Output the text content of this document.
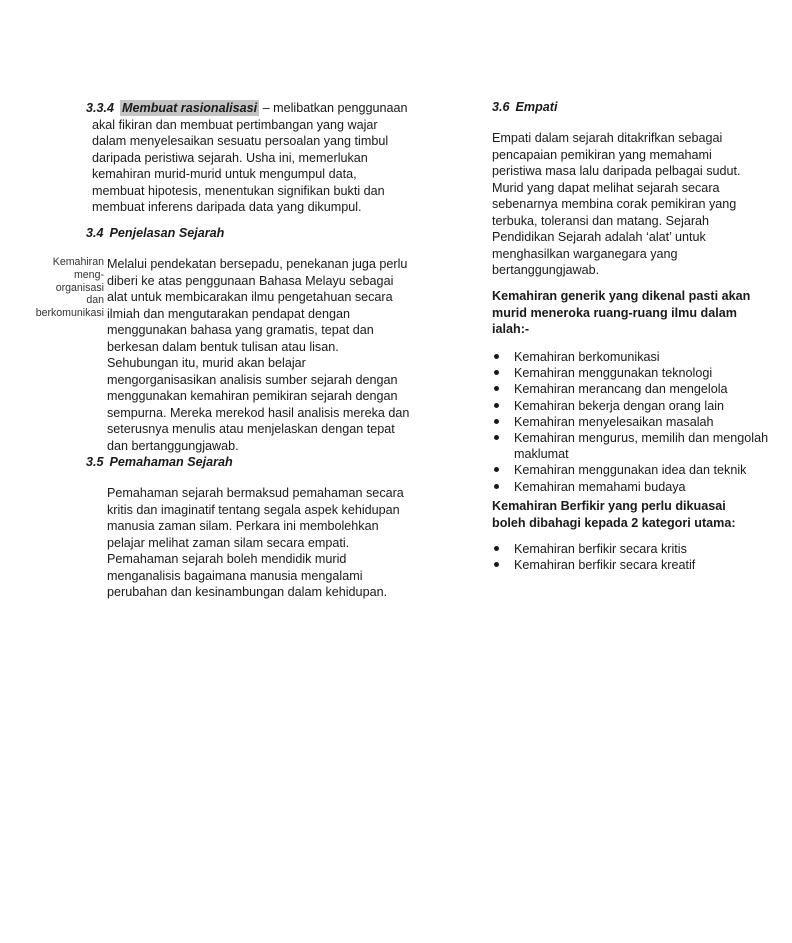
Kemahiran
meng-
organisasi
dan
berkomunikasi
3.3.4 Membuat rasionalisasi – melibatkan penggunaan
akal fikiran dan membuat pertimbangan yang wajar
dalam menyelesaikan sesuatu persoalan yang timbul
daripada peristiwa sejarah. Usha ini, memerlukan
kemahiran murid-murid untuk mengumpul data,
membuat hipotesis, menentukan signifikan bukti dan
membuat inferens daripada data yang dikumpul.
3.4 Penjelasan Sejarah
Melalui pendekatan bersepadu, penekanan juga perlu
diberi ke atas penggunaan Bahasa Melayu sebagai
alat untuk membicarakan ilmu pengetahuan secara
ilmiah dan mengutarakan pendapat dengan
menggunakan bahasa yang gramatis, tepat dan
berkesan dalam bentuk tulisan atau lisan.
Sehubungan itu, murid akan belajar
mengorganisasikan analisis sumber sejarah dengan
menggunakan kemahiran pemikiran sejarah dengan
sempurna. Mereka merekod hasil analisis mereka dan
seterusnya menulis atau menjelaskan dengan tepat
dan bertanggungjawab.
3.5 Pemahaman Sejarah
Pemahaman sejarah bermaksud pemahaman secara
kritis dan imaginatif tentang segala aspek kehidupan
manusia zaman silam. Perkara ini membolehkan
pelajar melihat zaman silam secara empati.
Pemahaman sejarah boleh mendidik murid
menganalisis bagaimana manusia mengalami
perubahan dan kesinambungan dalam kehidupan.
3.6 Empati
Empati dalam sejarah ditakrifkan sebagai
pencapaian pemikiran yang memahami
peristiwa masa lalu daripada pelbagai sudut.
Murid yang dapat melihat sejarah secara
sebenarnya membina corak pemikiran yang
terbuka, toleransi dan matang. Sejarah
Pendidikan Sejarah adalah ‘alat’ untuk
menghasilkan warganegara yang
bertanggungjawab.
Kemahiran generik yang dikenal pasti akan
murid meneroka ruang-ruang ilmu dalam
ialah:-
Kemahiran berkomunikasi
Kemahiran menggunakan teknologi
Kemahiran merancang dan mengelola
Kemahiran bekerja dengan orang lain
Kemahiran menyelesaikan masalah
Kemahiran mengurus, memilih dan mengolah
maklumat
Kemahiran menggunakan idea dan teknik
Kemahiran memahami budaya
Kemahiran Berfikir yang perlu dikuasai
boleh dibahagi kepada 2 kategori utama:
Kemahiran berfikir secara kritis
Kemahiran berfikir secara kreatif
